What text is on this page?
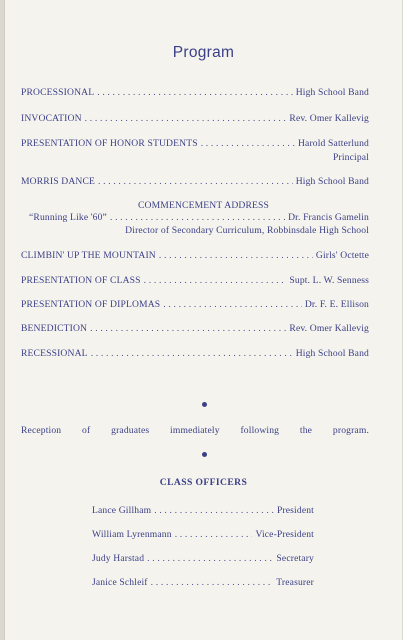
Program
PROCESSIONAL . . .	High School Band
INVOCATION . . .	Rev. Omer Kallevig
PRESENTATION OF HONOR STUDENTS . . .	Harold Satterlund
Principal
MORRIS DANCE . . .	High School Band
COMMENCEMENT ADDRESS
“Running Like '60” . . .	Dr. Francis Gamelin
Director of Secondary Curriculum, Robbinsdale High School
CLIMBIN' UP THE MOUNTAIN . . .	Girls' Octette
PRESENTATION OF CLASS . . .	Supt. L. W. Senness
PRESENTATION OF DIPLOMAS . . .	Dr. F. E. Ellison
BENEDICTION . . .	Rev. Omer Kallevig
RECESSIONAL . . .	High School Band
Reception of graduates immediately following the program.
CLASS OFFICERS
Lance Gillham . . .	President
William Lyrenmann . . .	Vice-President
Judy Harstad . . .	Secretary
Janice Schleif . . .	Treasurer
